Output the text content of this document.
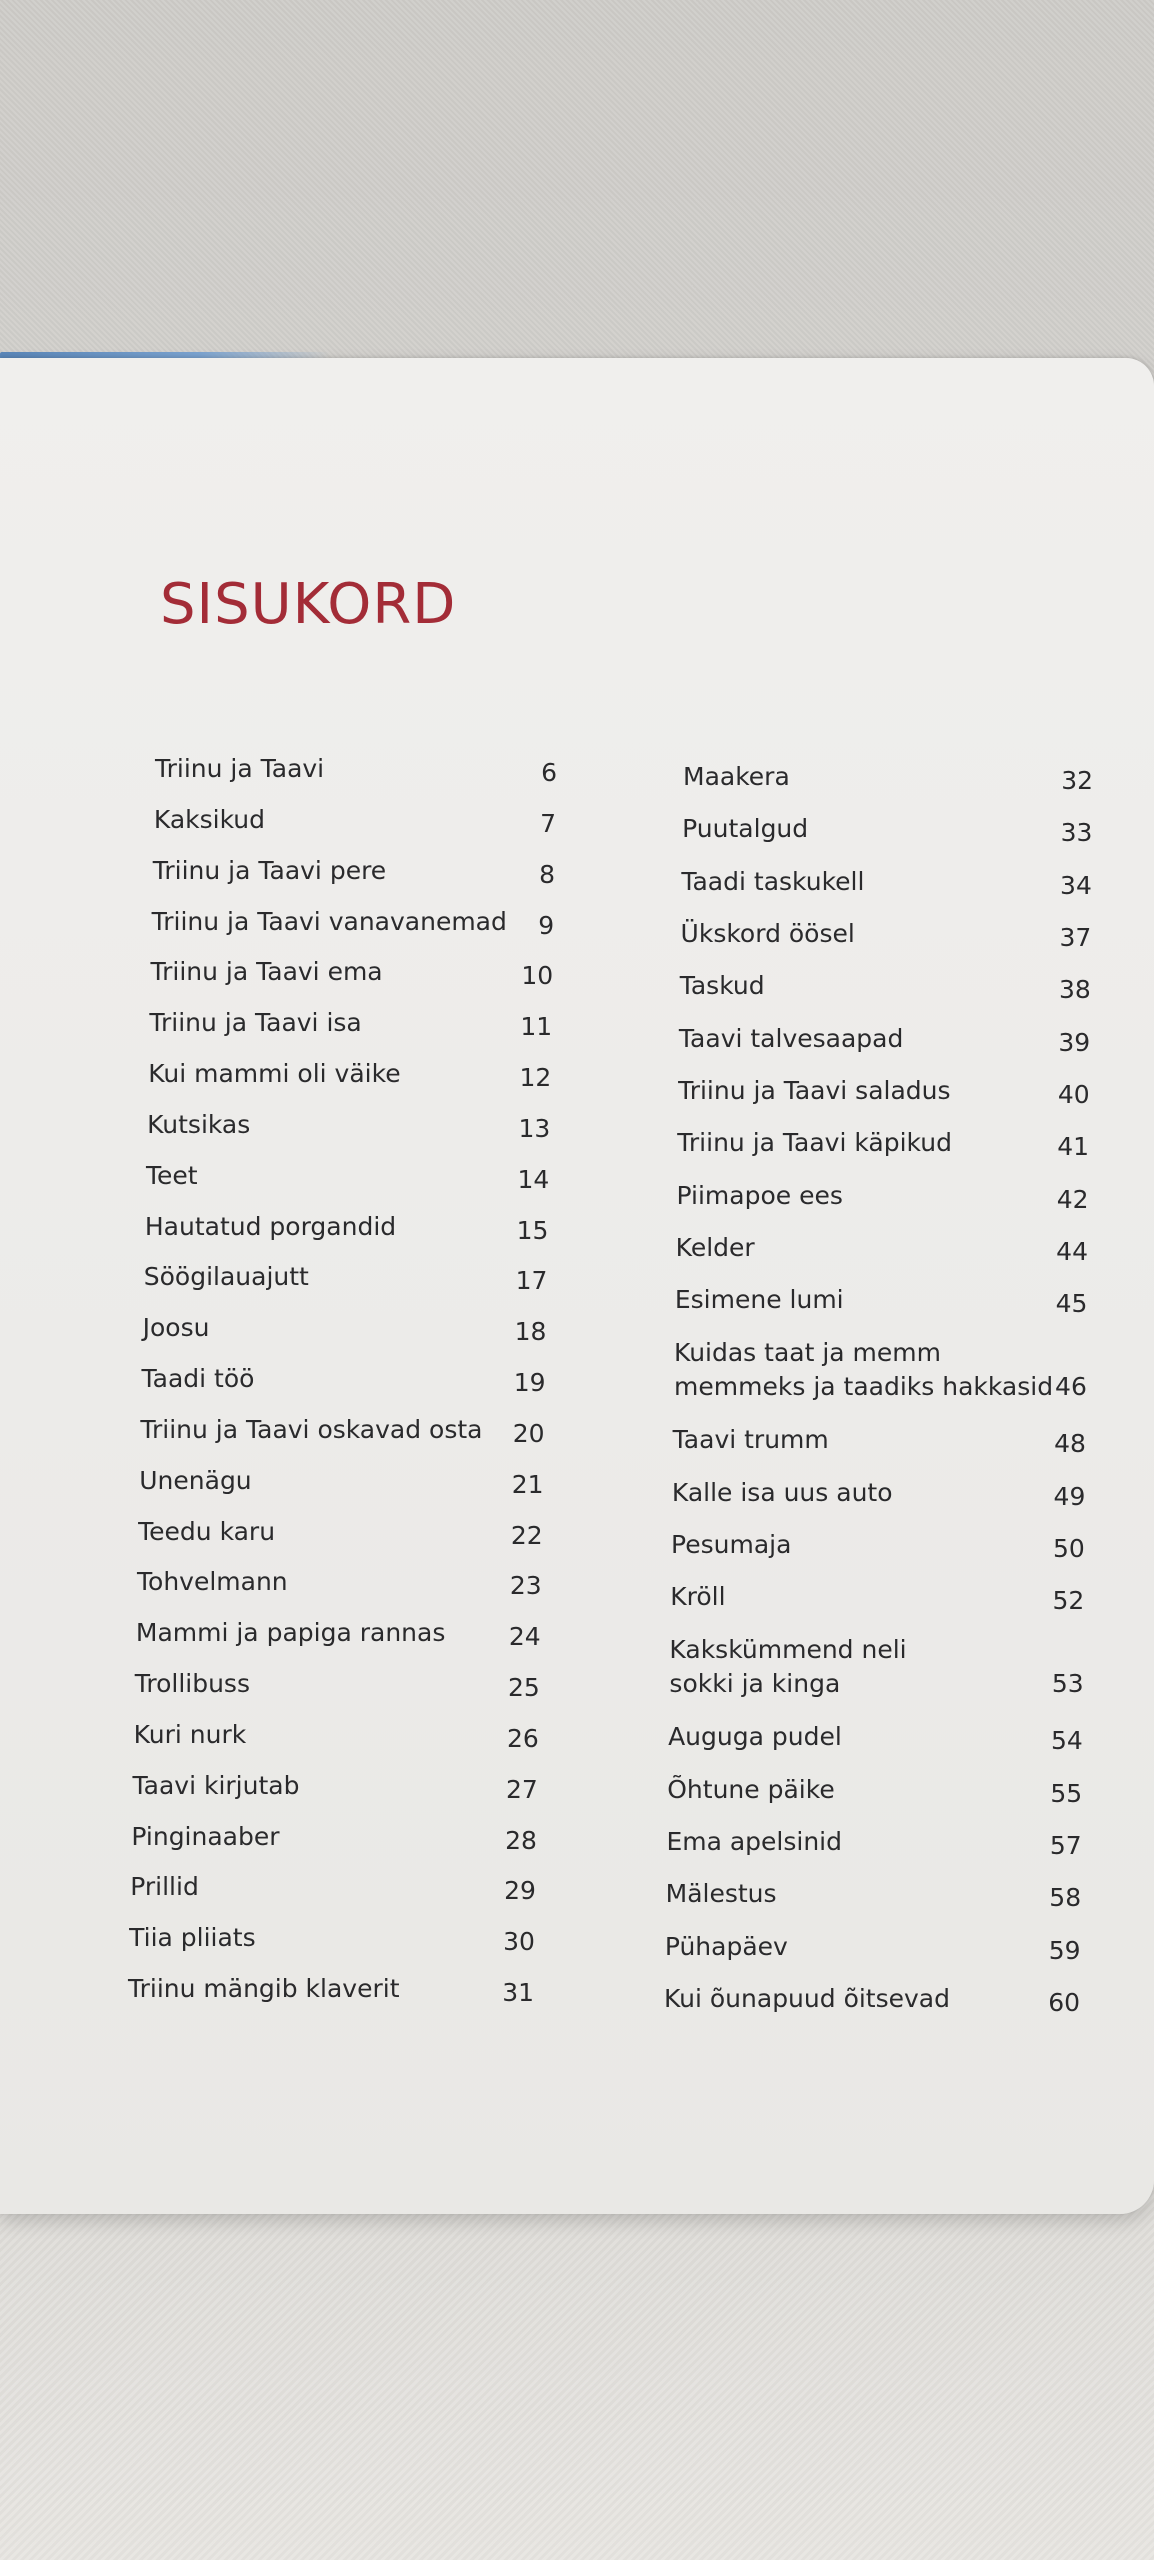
SISUKORD
Triinu ja Taavi	6
Kaksikud	7
Triinu ja Taavi pere	8
Triinu ja Taavi vanavanemad 9
Triinu ja Taavi ema	10
Triinu ja Taavi isa	11
Kui mammi oli väike	12
Kutsikas	13
Teet	14
Hautatud porgandid	15
Söögilauajutt	17
Joosu	18
Taadi töö	19
Triinu ja Taavi oskavad osta 20
Unenägu	21
Teedu karu	22
Tohvelmann	23
Mammi ja papiga rannas	24
Trollibuss	25
Kuri nurk	26
Taavi kirjutab	27
Pinginaaber	28
Prillid	29
Tiia pliiats	30
Triinu mängib klaverit	31
Maakera	32
Puutalgud	33
Taadi taskukell	34
Ükskord öösel	37
Taskud	38
Taavi talvesaapad	39
Triinu ja Taavi saladus	40
Triinu ja Taavi käpikud	41
Piimapoe ees	42
Kelder	44
Esimene lumi	45
Kuidas taat ja memm
memmeks ja taadiks hakkasid 46
Taavi trumm	48
Kalle isa uus auto	49
Pesumaja	50
Kröll	52
Kakskümmend neli
sokki ja kinga	53
Auguga pudel	54
Õhtune päike	55
Ema apelsinid	57
Mälestus	58
Pühapäev	59
Kui õunapuud õitsevad	60
